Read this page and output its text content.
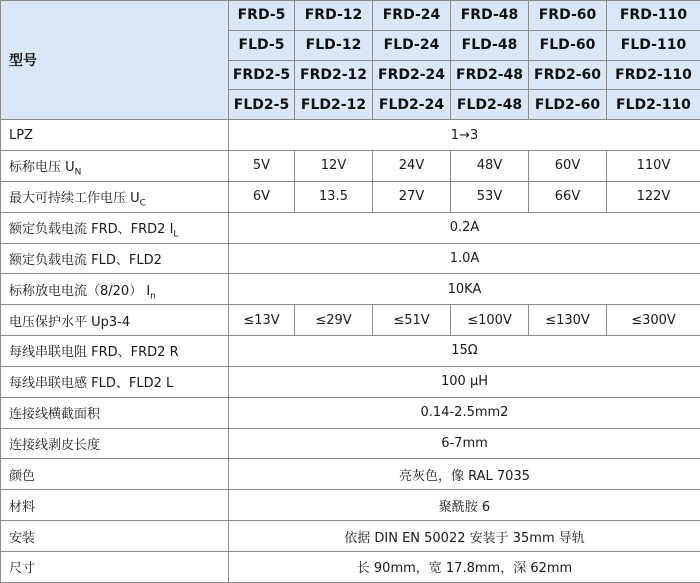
型号	FRD-5	FRD-12	FRD-24	FRD-48	FRD-60	FRD-110
	FLD-5	FLD-12	FLD-24	FLD-48	FLD-60	FLD-110
	FRD2-5	FRD2-12	FRD2-24	FRD2-48	FRD2-60	FRD2-110
	FLD2-5	FLD2-12	FLD2-24	FLD2-48	FLD2-60	FLD2-110
LPZ	1→3					
标称电压 $U_N$	5V	12V	24V	48V	60V	110V
最大可持续工作电压 $U_C$	6V	13.5	27V	53V	66V	122V
额定负载电流 FRD、FRD2 $I_L$	0.2A					
额定负载电流 FLD、FLD2	1.0A					
标称放电电流（8/20） $I_n$	10KA					
电压保护水平 Up3-4	≤13V	≤29V	≤51V	≤100V	≤130V	≤300V
每线串联电阻 FRD、FRD2 R	15Ω					
每线串联电感 FLD、FLD2 L	100 μH					
连接线横截面积	0.14-2.5mm2					
连接线剥皮长度	6-7mm					
颜色	亮灰色，像 RAL 7035					
材料	聚酰胺 6					
安装	依据 DIN EN 50022 安装于 35mm 导轨					
尺寸	长 90mm，宽 17.8mm，深 62mm					
